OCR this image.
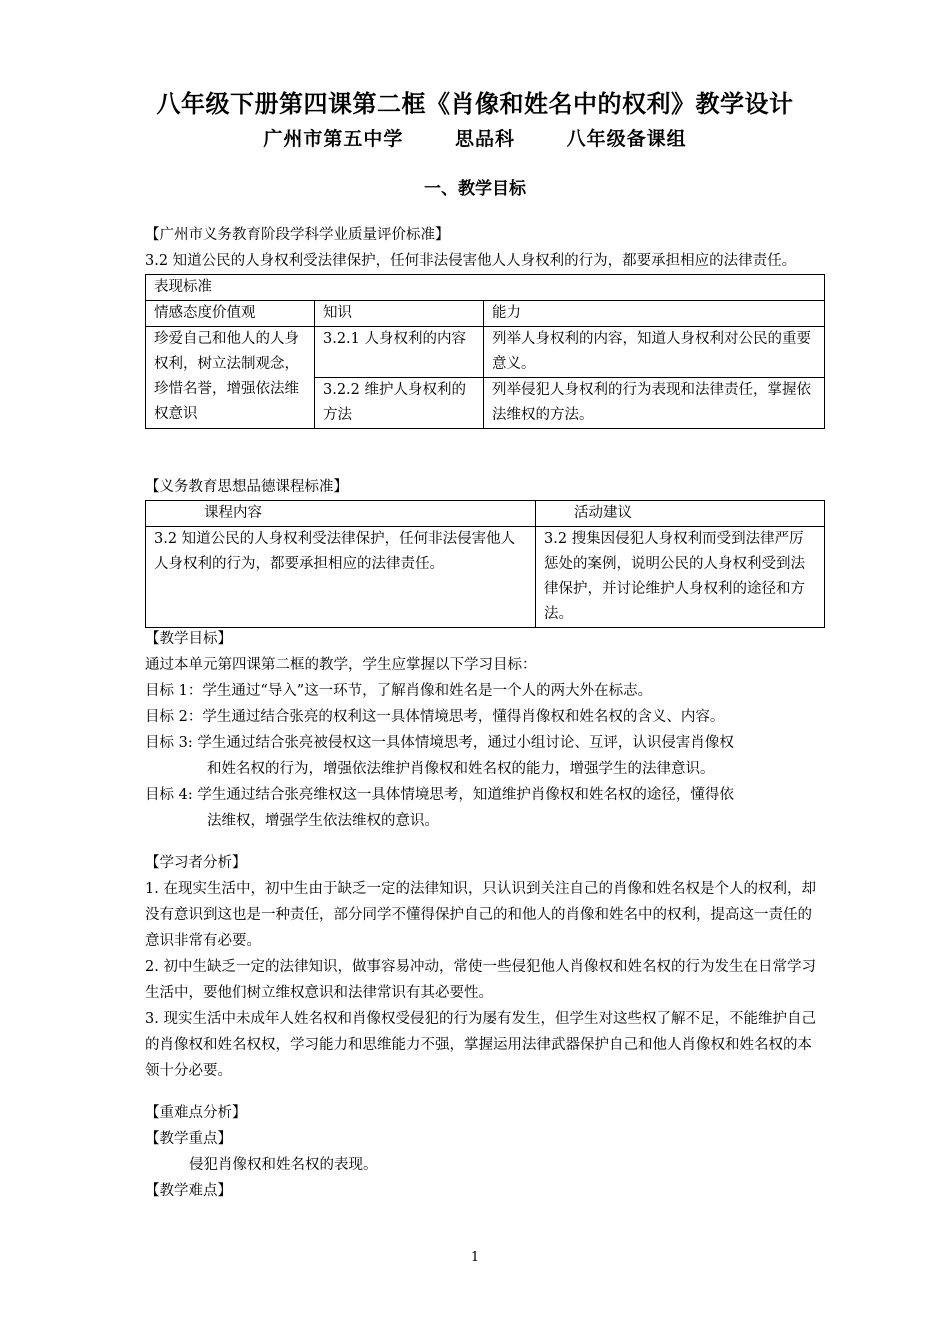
八年级下册第四课第二框《肖像和姓名中的权利》教学设计
广州市第五中学	思品科	八年级备课组
一、教学目标
【广州市义务教育阶段学科学业质量评价标准】

3.2 知道公民的人身权利受法律保护，任何非法侵害他人人身权利的行为，都要承担相应的法律责任。

表现标准		
情感态度价值观	知识	能力
珍爱自己和他人的人身权利，树立法制观念，珍惜名誉，增强依法维权意识	3.2.1 人身权利的内容	列举人身权利的内容，知道人身权利对公民的重要意义。
	3.2.2 维护人身权利的方法	列举侵犯人身权利的行为表现和法律责任，掌握依法维权的方法。
【义务教育思想品德课程标准】
课程内容	活动建议
3.2 知道公民的人身权利受法律保护，任何非法侵害他人人身权利的行为，都要承担相应的法律责任。	3.2 搜集因侵犯人身权利而受到法律严厉惩处的案例，说明公民的人身权利受到法律保护，并讨论维护人身权利的途径和方法。
【教学目标】

通过本单元第四课第二框的教学，学生应掌握以下学习目标：

目标 1：学生通过“导入”这一环节，了解肖像和姓名是一个人的两大外在标志。

目标 2：学生通过结合张亮的权利这一具体情境思考，懂得肖像权和姓名权的含义、内容。

目标 3: 学生通过结合张亮被侵权这一具体情境思考，通过小组讨论、互评，认识侵害肖像权

和姓名权的行为，增强依法维护肖像权和姓名权的能力，增强学生的法律意识。

目标 4: 学生通过结合张亮维权这一具体情境思考，知道维护肖像权和姓名权的途径，懂得依

法维权，增强学生依法维权的意识。

【学习者分析】

1. 在现实生活中，初中生由于缺乏一定的法律知识，只认识到关注自己的肖像和姓名权是个人的权利，却没有意识到这也是一种责任，部分同学不懂得保护自己的和他人的肖像和姓名中的权利，提高这一责任的意识非常有必要。

2. 初中生缺乏一定的法律知识，做事容易冲动，常使一些侵犯他人肖像权和姓名权的行为发生在日常学习生活中，要他们树立维权意识和法律常识有其必要性。

3. 现实生活中未成年人姓名权和肖像权受侵犯的行为屡有发生，但学生对这些权了解不足，不能维护自己的肖像权和姓名权权，学习能力和思维能力不强，掌握运用法律武器保护自己和他人肖像权和姓名权的本领十分必要。

【重难点分析】
【教学重点】

侵犯肖像权和姓名权的表现。

【教学难点】
1
